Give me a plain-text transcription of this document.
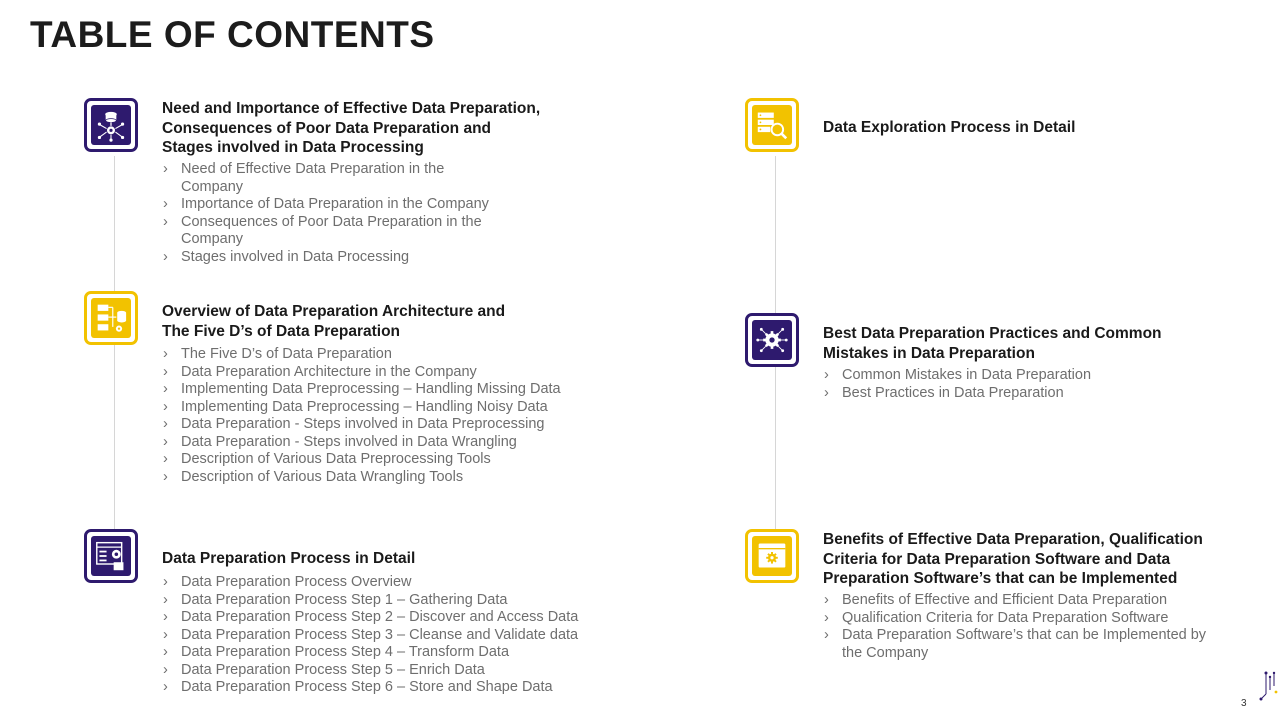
TABLE OF CONTENTS

Need and Importance of Effective Data Preparation, Consequences of Poor Data Preparation and Stages involved in Data Processing

› Need of Effective Data Preparation in the Company
› Importance of Data Preparation in the Company
› Consequences of Poor Data Preparation in the Company
› Stages involved in Data Processing

Overview of Data Preparation Architecture and The Five D’s of Data Preparation

› The Five D’s of Data Preparation
› Data Preparation Architecture in the Company
› Implementing Data Preprocessing – Handling Missing Data
› Implementing Data Preprocessing – Handling Noisy Data
› Data Preparation - Steps involved in Data Preprocessing
› Data Preparation - Steps involved in Data Wrangling
› Description of Various Data Preprocessing Tools
› Description of Various Data Wrangling Tools

Data Preparation Process in Detail

› Data Preparation Process Overview
› Data Preparation Process Step 1 – Gathering Data
› Data Preparation Process Step 2 – Discover and Access Data
› Data Preparation Process Step 3 – Cleanse and Validate data
› Data Preparation Process Step 4 – Transform Data
› Data Preparation Process Step 5 – Enrich Data
› Data Preparation Process Step 6 – Store and Shape Data

Data Exploration Process in Detail

Best Data Preparation Practices and Common Mistakes in Data Preparation

› Common Mistakes in Data Preparation
› Best Practices in Data Preparation

Benefits of Effective Data Preparation, Qualification Criteria for Data Preparation Software and Data Preparation Software’s that can be Implemented

› Benefits of Effective and Efficient Data Preparation
› Qualification Criteria for Data Preparation Software
› Data Preparation Software’s that can be Implemented by the Company
3
